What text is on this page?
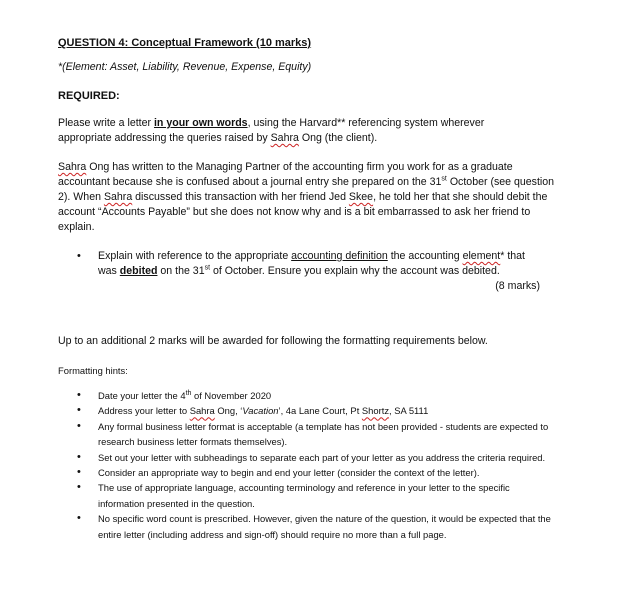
QUESTION 4: Conceptual Framework (10 marks)
*(Element: Asset, Liability, Revenue, Expense, Equity)
REQUIRED:

Please write a letter in your own words, using the Harvard** referencing system wherever appropriate addressing the queries raised by Sahra Ong (the client).

Sahra Ong has written to the Managing Partner of the accounting firm you work for as a graduate accountant because she is confused about a journal entry she prepared on the 31st October (see question 2). When Sahra discussed this transaction with her friend Jed Skee, he told her that she should debit the account “Accounts Payable” but she does not know why and is a bit embarrassed to ask her friend to explain.

• Explain with reference to the appropriate accounting definition the accounting element* that was debited on the 31st of October. Ensure you explain why the account was debited.
(8 marks)

Up to an additional 2 marks will be awarded for following the formatting requirements below.

Formatting hints:
• Date your letter the 4th of November 2020
• Address your letter to Sahra Ong, ‘Vacation’, 4a Lane Court, Pt Shortz, SA 5111
• Any formal business letter format is acceptable (a template has not been provided - students are expected to research business letter formats themselves).
• Set out your letter with subheadings to separate each part of your letter as you address the criteria required.
• Consider an appropriate way to begin and end your letter (consider the context of the letter).
• The use of appropriate language, accounting terminology and reference in your letter to the specific information presented in the question.
• No specific word count is prescribed. However, given the nature of the question, it would be expected that the entire letter (including address and sign-off) should require no more than a full page.
